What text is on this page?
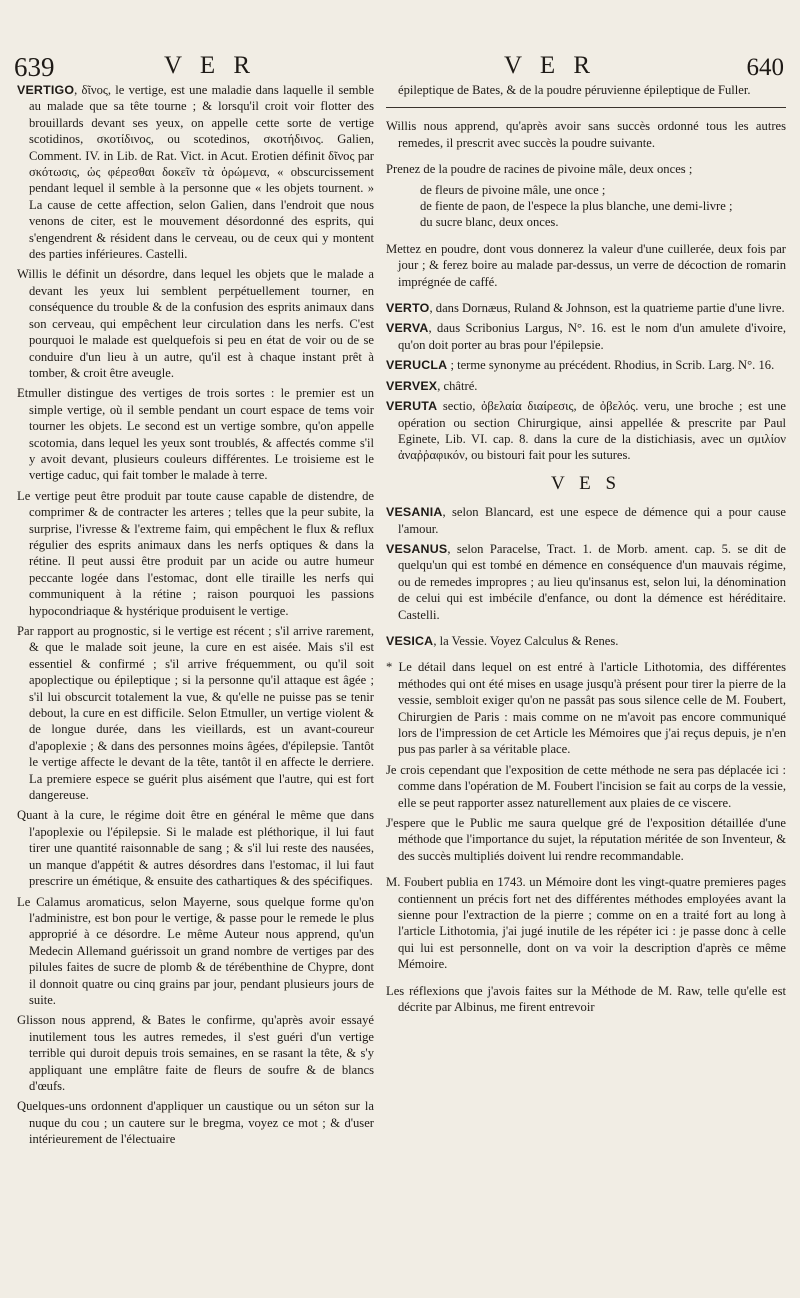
639	V E R	V E R	640

VERTIGO, δῖνος, le vertige, est une maladie dans laquelle il semble au malade que sa tête tourne ; & lorsqu'il croit voir flotter des brouillards devant ses yeux, on appelle cette sorte de vertige scotidinos, σκοτίδινος, ou scotedinos, σκοτήδινος. Galien, Comment. IV. in Lib. de Rat. Vict. in Acut. Erotien définit δῖνος par σκότωσις, ὡς φέρεσθαι δοκεῖν τὰ ὁρώμενα, « obscurcissement pendant lequel il semble à la personne que « les objets tournent. » La cause de cette affection, selon Galien, dans l'endroit que nous venons de citer, est le mouvement désordonné des esprits, qui s'engendrent & résident dans le cerveau, ou de ceux qui y montent des parties inférieures. Castelli.

Willis le définit un désordre, dans lequel les objets que le malade a devant les yeux lui semblent perpétuellement tourner, en conséquence du trouble & de la confusion des esprits animaux dans son cerveau, qui empêchent leur circulation dans les nerfs. C'est pourquoi le malade est quelquefois si peu en état de voir ou de se conduire d'un lieu à un autre, qu'il est à chaque instant prêt à tomber, & croit être aveugle.

Etmuller distingue des vertiges de trois sortes : le premier est un simple vertige, où il semble pendant un court espace de tems voir tourner les objets. Le second est un vertige sombre, qu'on appelle scotomia, dans lequel les yeux sont troublés, & affectés comme s'il y avoit devant, plusieurs couleurs différentes. Le troisieme est le vertige caduc, qui fait tomber le malade à terre.

Le vertige peut être produit par toute cause capable de distendre, de comprimer & de contracter les arteres ; telles que la peur subite, la surprise, l'ivresse & l'extreme faim, qui empêchent le flux & reflux régulier des esprits animaux dans les nerfs optiques & dans la rétine. Il peut aussi être produit par un acide ou autre humeur peccante logée dans l'estomac, dont elle tiraille les nerfs qui communiquent à la rétine ; raison pourquoi les passions hypocondriaque & hystérique produisent le vertige.

Par rapport au prognostic, si le vertige est récent ; s'il arrive rarement, & que le malade soit jeune, la cure en est aisée. Mais s'il est essentiel & confirmé ; s'il arrive fréquemment, ou qu'il soit apoplectique ou épileptique ; si la personne qu'il attaque est âgée ; s'il lui obscurcit totalement la vue, & qu'elle ne puisse pas se tenir debout, la cure en est difficile. Selon Etmuller, un vertige violent & de longue durée, dans les vieillards, est un avant-coureur d'apoplexie ; & dans des personnes moins âgées, d'épilepsie. Tantôt le vertige affecte le devant de la tête, tantôt il en affecte le derriere. La premiere espece se guérit plus aisément que l'autre, qui est fort dangereuse.

Quant à la cure, le régime doit être en général le même que dans l'apoplexie ou l'épilepsie. Si le malade est pléthorique, il lui faut tirer une quantité raisonnable de sang ; & s'il lui reste des nausées, un manque d'appétit & autres désordres dans l'estomac, il lui faut prescrire un émétique, & ensuite des cathartiques & des spécifiques.

Le Calamus aromaticus, selon Mayerne, sous quelque forme qu'on l'administre, est bon pour le vertige, & passe pour le remede le plus approprié à ce désordre. Le même Auteur nous apprend, qu'un Medecin Allemand guérissoit un grand nombre de vertiges par des pilules faites de sucre de plomb & de térébenthine de Chypre, dont il donnoit quatre ou cinq grains par jour, pendant plusieurs jours de suite.

Glisson nous apprend, & Bates le confirme, qu'après avoir essayé inutilement tous les autres remedes, il s'est guéri d'un vertige terrible qui duroit depuis trois semaines, en se rasant la tête, & s'y appliquant une emplâtre faite de fleurs de soufre & de blancs d'œufs.

Quelques-uns ordonnent d'appliquer un caustique ou un séton sur la nuque du cou ; un cautere sur le bregma, voyez ce mot ; & d'user intérieurement de l'électuaire

épileptique de Bates, & de la poudre péruvienne épileptique de Fuller.

Willis nous apprend, qu'après avoir sans succès ordonné tous les autres remedes, il prescrit avec succès la poudre suivante.

Prenez de la poudre de racines de pivoine mâle, deux onces ;

de fleurs de pivoine mâle, une once ;

de fiente de paon, de l'espece la plus blanche, une demi-livre ;

du sucre blanc, deux onces.

Mettez en poudre, dont vous donnerez la valeur d'une cuillerée, deux fois par jour ; & ferez boire au malade par-dessus, un verre de décoction de romarin imprégnée de caffé.

VERTO, dans Dornæus, Ruland & Johnson, est la quatrieme partie d'une livre.

VERVA, daus Scribonius Largus, N°. 16. est le nom d'un amulete d'ivoire, qu'on doit porter au bras pour l'épilepsie.

VERUCLA ; terme synonyme au précédent. Rhodius, in Scrib. Larg. N°. 16.

VERVEX, châtré.

VERUTA sectio, ὀβελαία διαίρεσις, de ὀβελός. veru, une broche ; est une opération ou section Chirurgique, ainsi appellée & prescrite par Paul Eginete, Lib. VI. cap. 8. dans la cure de la distichiasis, avec un σμιλίον ἀναῤῥαφικόν, ou bistouri fait pour les sutures.

V E S

VESANIA, selon Blancard, est une espece de démence qui a pour cause l'amour.

VESANUS, selon Paracelse, Tract. 1. de Morb. ament. cap. 5. se dit de quelqu'un qui est tombé en démence en conséquence d'un mauvais régime, ou de remedes impropres ; au lieu qu'insanus est, selon lui, la dénomination de celui qui est imbécile d'enfance, ou dont la démence est héréditaire. Castelli.

VESICA, la Vessie. Voyez Calculus & Renes.

* Le détail dans lequel on est entré à l'article Lithotomia, des différentes méthodes qui ont été mises en usage jusqu'à présent pour tirer la pierre de la vessie, sembloit exiger qu'on ne passât pas sous silence celle de M. Foubert, Chirurgien de Paris : mais comme on ne m'avoit pas encore communiqué lors de l'impression de cet Article les Mémoires que j'ai reçus depuis, je n'en pus pas parler à sa véritable place.

Je crois cependant que l'exposition de cette méthode ne sera pas déplacée ici : comme dans l'opération de M. Foubert l'incision se fait au corps de la vessie, elle se peut rapporter assez naturellement aux plaies de ce viscere.

J'espere que le Public me saura quelque gré de l'exposition détaillée d'une méthode que l'importance du sujet, la réputation méritée de son Inventeur, & des succès multipliés doivent lui rendre recommandable.

M. Foubert publia en 1743. un Mémoire dont les vingt-quatre premieres pages contiennent un précis fort net des différentes méthodes employées avant la sienne pour l'extraction de la pierre ; comme on en a traité fort au long à l'article Lithotomia, j'ai jugé inutile de les répéter ici : je passe donc à celle qui lui est personnelle, dont on va voir la description d'après ce même Mémoire.

Les réflexions que j'avois faites sur la Méthode de M. Raw, telle qu'elle est décrite par Albinus, me firent entrevoir
